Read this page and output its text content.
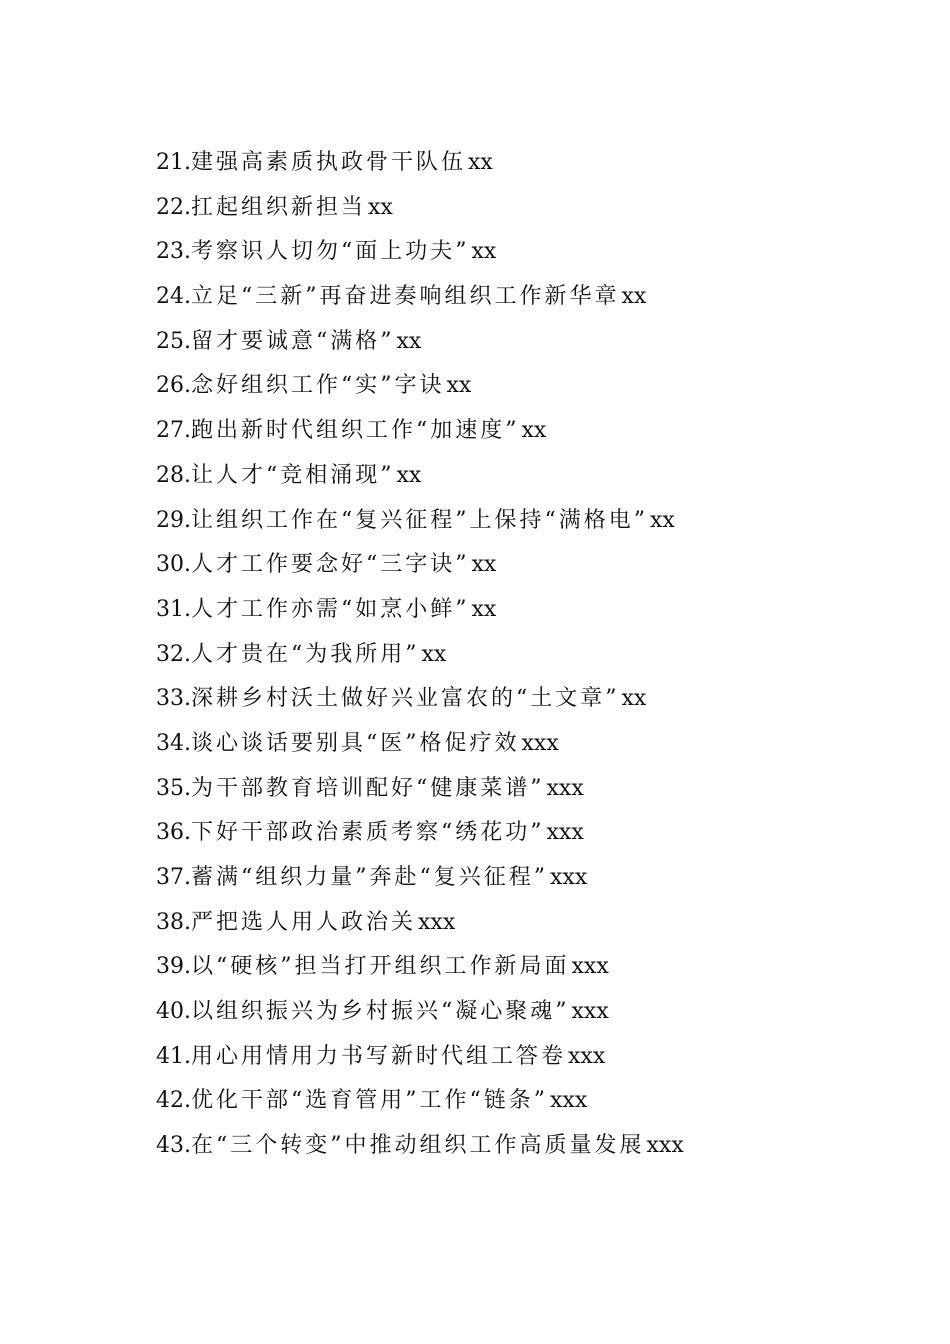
21.建强高素质执政骨干队伍xx
22.扛起组织新担当xx
23.考察识人切勿“面上功夫”xx
24.立足“三新”再奋进奏响组织工作新华章xx
25.留才要诚意“满格”xx
26.念好组织工作“实”字诀xx
27.跑出新时代组织工作“加速度”xx
28.让人才“竞相涌现”xx
29.让组织工作在“复兴征程”上保持“满格电”xx
30.人才工作要念好“三字诀”xx
31.人才工作亦需“如烹小鲜”xx
32.人才贵在“为我所用”xx
33.深耕乡村沃土做好兴业富农的“土文章”xx
34.谈心谈话要别具“医”格促疗效xxx
35.为干部教育培训配好“健康菜谱”xxx
36.下好干部政治素质考察“绣花功”xxx
37.蓄满“组织力量”奔赴“复兴征程”xxx
38.严把选人用人政治关xxx
39.以“硬核”担当打开组织工作新局面xxx
40.以组织振兴为乡村振兴“凝心聚魂”xxx
41.用心用情用力书写新时代组工答卷xxx
42.优化干部“选育管用”工作“链条”xxx
43.在“三个转变”中推动组织工作高质量发展xxx
